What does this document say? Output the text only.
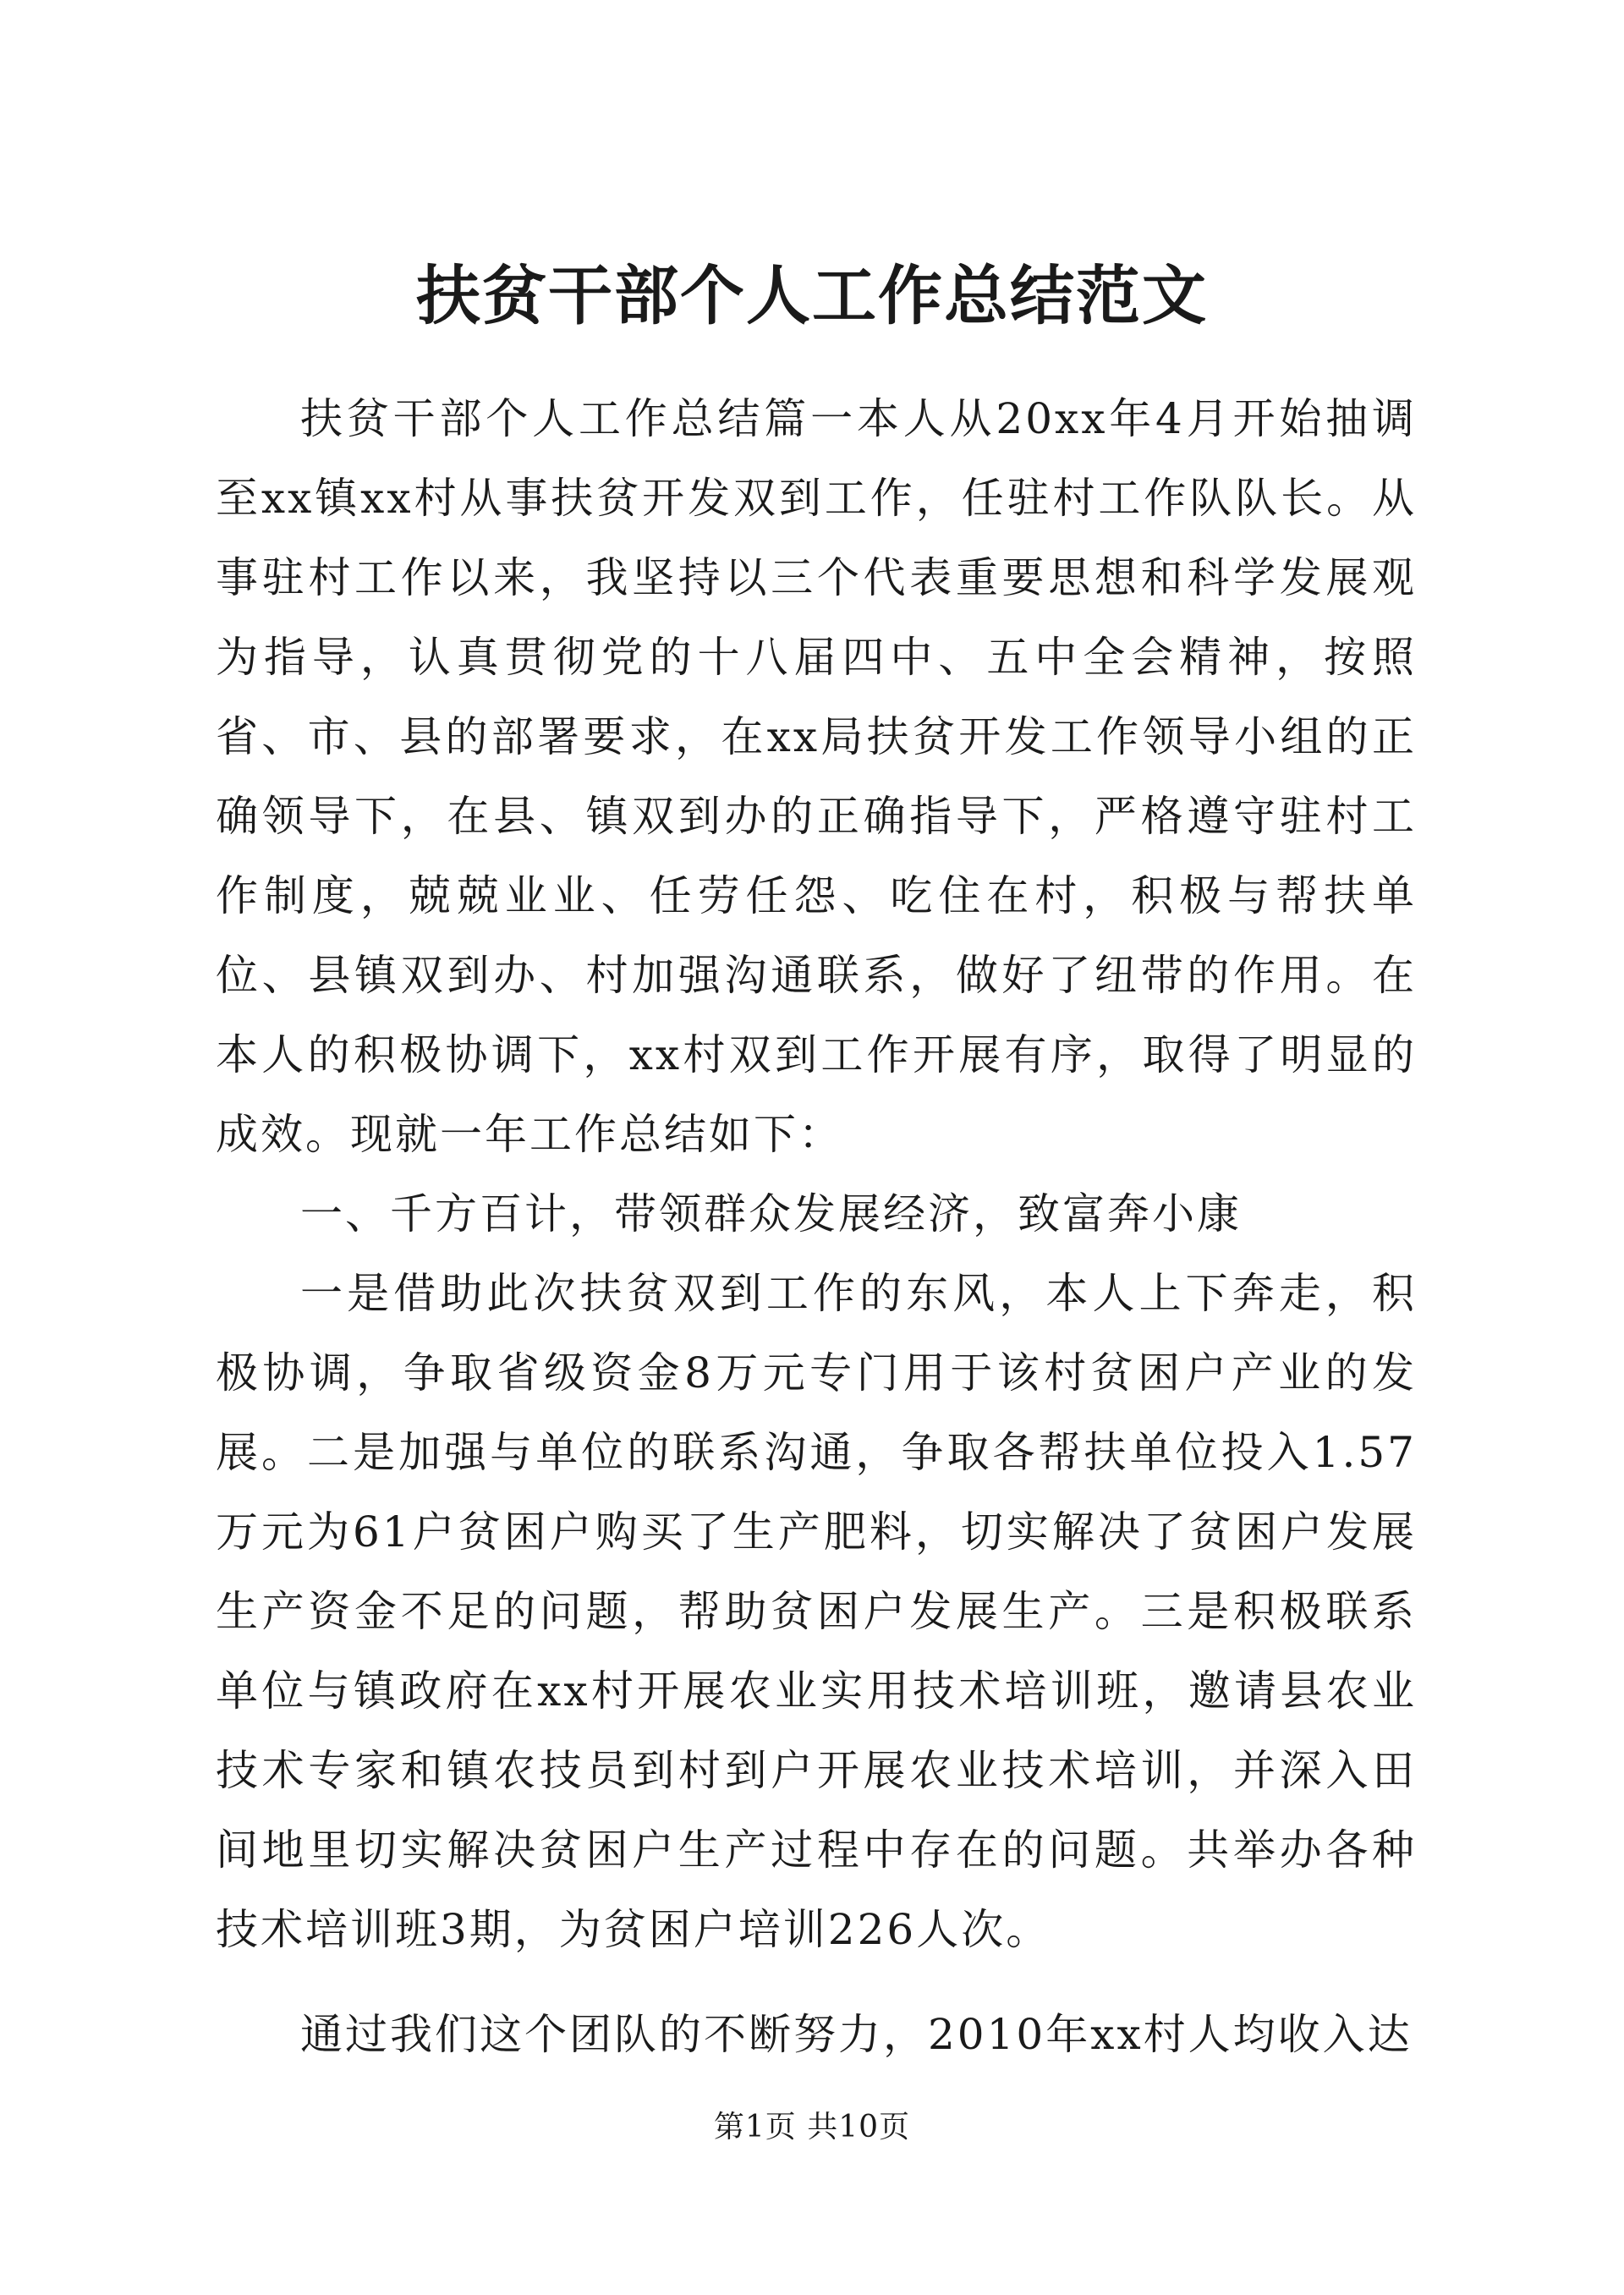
扶贫干部个人工作总结范文

扶贫干部个人工作总结篇一本人从20xx年4月开始抽调至xx镇xx村从事扶贫开发双到工作，任驻村工作队队长。从事驻村工作以来，我坚持以三个代表重要思想和科学发展观为指导，认真贯彻党的十八届四中、五中全会精神，按照省、市、县的部署要求，在xx局扶贫开发工作领导小组的正确领导下，在县、镇双到办的正确指导下，严格遵守驻村工作制度，兢兢业业、任劳任怨、吃住在村，积极与帮扶单位、县镇双到办、村加强沟通联系，做好了纽带的作用。在本人的积极协调下，xx村双到工作开展有序，取得了明显的成效。现就一年工作总结如下：

一、千方百计，带领群众发展经济，致富奔小康

一是借助此次扶贫双到工作的东风，本人上下奔走，积极协调，争取省级资金8万元专门用于该村贫困户产业的发展。二是加强与单位的联系沟通，争取各帮扶单位投入1.57万元为61户贫困户购买了生产肥料，切实解决了贫困户发展生产资金不足的问题，帮助贫困户发展生产。三是积极联系单位与镇政府在xx村开展农业实用技术培训班，邀请县农业技术专家和镇农技员到村到户开展农业技术培训，并深入田间地里切实解决贫困户生产过程中存在的问题。共举办各种技术培训班3期，为贫困户培训226人次。

通过我们这个团队的不断努力，2010年xx村人均收入达

第1页 共10页
